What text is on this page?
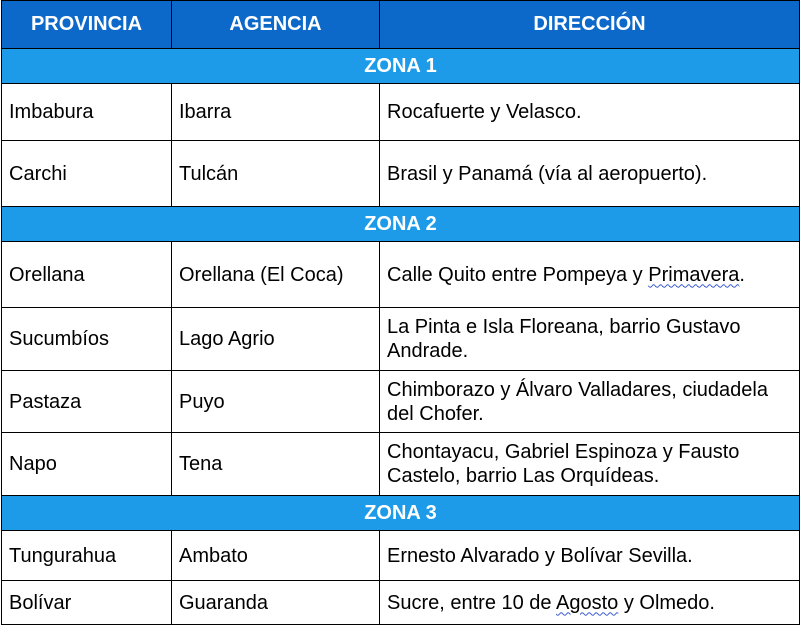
PROVINCIA	AGENCIA	DIRECCIÓN
ZONA 1		
Imbabura	Ibarra	Rocafuerte y Velasco.
Carchi	Tulcán	Brasil y Panamá (vía al aeropuerto).
ZONA 2		
Orellana	Orellana (El Coca)	Calle Quito entre Pompeya y Primavera.
Sucumbíos	Lago Agrio	La Pinta e Isla Floreana, barrio Gustavo Andrade.
Pastaza	Puyo	Chimborazo y Álvaro Valladares, ciudadela del Chofer.
Napo	Tena	Chontayacu, Gabriel Espinoza y Fausto Castelo, barrio Las Orquídeas.
ZONA 3		
Tungurahua	Ambato	Ernesto Alvarado y Bolívar Sevilla.
Bolívar	Guaranda	Sucre, entre 10 de Agosto y Olmedo.
